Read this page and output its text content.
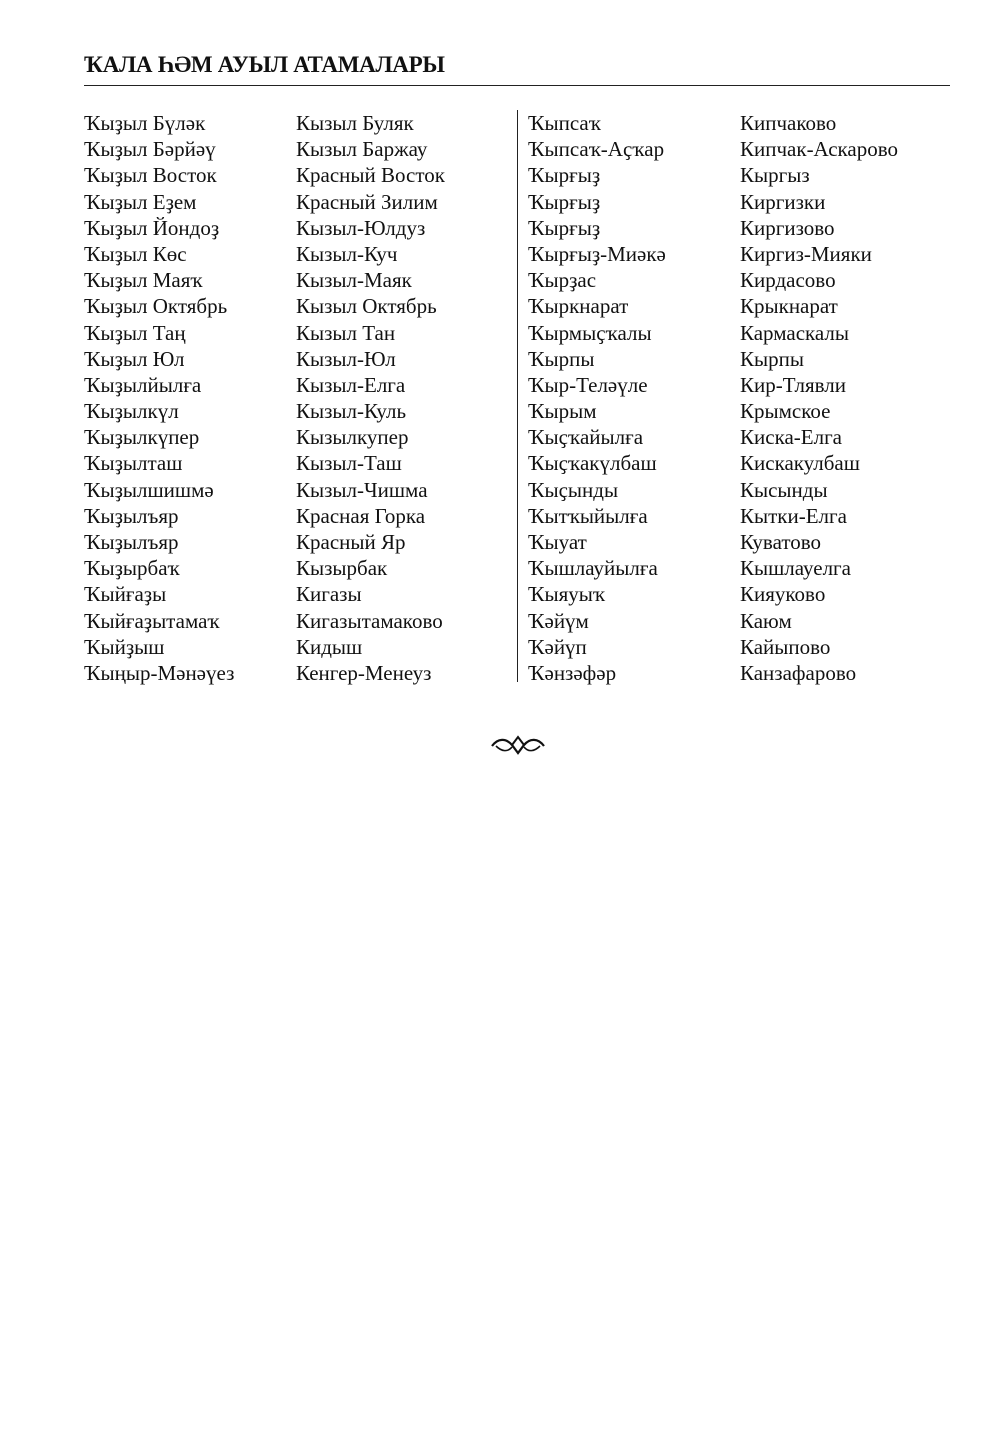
ҠАЛА ҺӘМ АУЫЛ АТАМАЛАРЫ
Ҡыҙыл Бүләк	Кызыл Буляк
Ҡыҙыл Бәрйәү	Кызыл Баржау
Ҡыҙыл Восток	Красный Восток
Ҡыҙыл Еҙем	Красный Зилим
Ҡыҙыл Йондоҙ	Кызыл-Юлдуз
Ҡыҙыл Көс	Кызыл-Куч
Ҡыҙыл Маяҡ	Кызыл-Маяк
Ҡыҙыл Октябрь	Кызыл Октябрь
Ҡыҙыл Таң	Кызыл Тан
Ҡыҙыл Юл	Кызыл-Юл
Ҡыҙылйылға	Кызыл-Елга
Ҡыҙылкүл	Кызыл-Куль
Ҡыҙылкүпер	Кызылкупер
Ҡыҙылташ	Кызыл-Таш
Ҡыҙылшишмә	Кызыл-Чишма
Ҡыҙылъяр	Красная Горка
Ҡыҙылъяр	Красный Яр
Ҡыҙырбаҡ	Кызырбак
Ҡыйғаҙы	Кигазы
Ҡыйғаҙытамаҡ	Кигазытамаково
Ҡыйҙыш	Кидыш
Ҡыңыр-Мәнәүез	Кенгер-Менеуз
Ҡыпсаҡ	Кипчаково
Ҡыпсаҡ-Аҫҡар	Кипчак-Аскарово
Ҡырғыҙ	Кыргыз
Ҡырғыҙ	Киргизки
Ҡырғыҙ	Киргизово
Ҡырғыҙ-Миәкә	Киргиз-Мияки
Ҡырҙас	Кирдасово
Ҡыркнарат	Крыкнарат
Ҡырмыҫҡалы	Кармаскалы
Ҡырпы	Кырпы
Ҡыр-Теләүле	Кир-Тлявли
Ҡырым	Крымское
Ҡыҫҡайылға	Киска-Елга
Ҡыҫҡакүлбаш	Кискакулбаш
Ҡыҫынды	Кысынды
Ҡытҡыйылға	Кытки-Елга
Ҡыуат	Куватово
Ҡышлауйылға	Кышлауелга
Ҡыяуыҡ	Кияуково
Ҡәйүм	Каюм
Ҡәйүп	Кайыпово
Ҡәнзәфәр	Канзафарово
